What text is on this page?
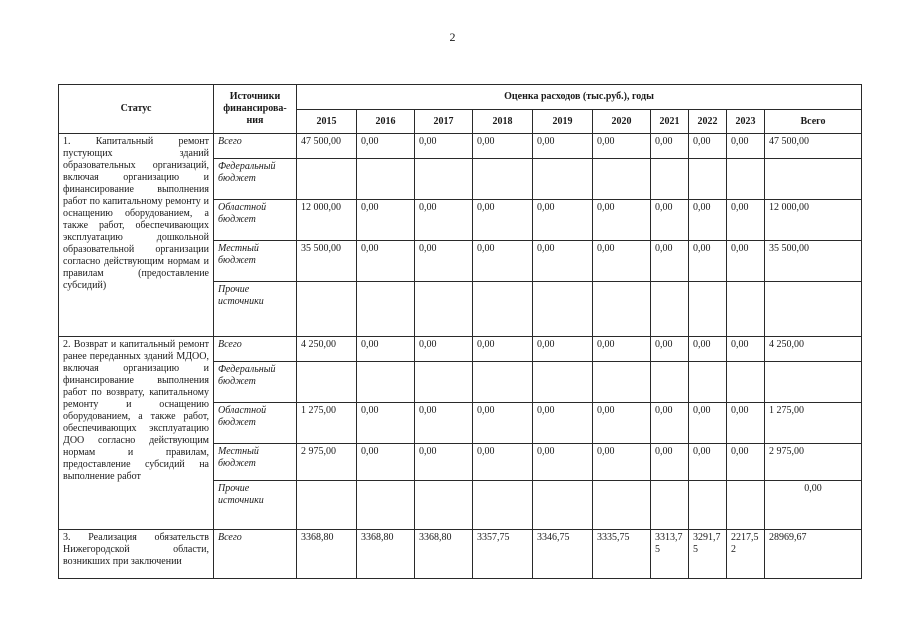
2
Статус	Источники финансирова-ния	Оценка расходов (тыс.руб.), годы									
		2015	2016	2017	2018	2019	2020	2021	2022	2023	Всего
1. Капитальный ремонт пустующих зданий образовательных организаций, включая организацию и финансирование выполнения работ по капитальному ремонту и оснащению оборудованием, а также работ, обеспечивающих эксплуатацию дошкольной образовательной организации согласно действующим нормам и правилам (предоставление субсидий)	Всего	47 500,00	0,00	0,00	0,00	0,00	0,00	0,00	0,00	0,00	47 500,00
	Федеральный бюджет										
	Областной бюджет	12 000,00	0,00	0,00	0,00	0,00	0,00	0,00	0,00	0,00	12 000,00
	Местный бюджет	35 500,00	0,00	0,00	0,00	0,00	0,00	0,00	0,00	0,00	35 500,00
	Прочие источники										
2. Возврат и капитальный ремонт ранее переданных зданий МДОО, включая организацию и финансирование выполнения работ по возврату, капитальному ремонту и оснащению оборудованием, а также работ, обеспечивающих эксплуатацию ДОО согласно действующим нормам и правилам, предоставление субсидий на выполнение работ	Всего	4 250,00	0,00	0,00	0,00	0,00	0,00	0,00	0,00	0,00	4 250,00
	Федеральный бюджет										
	Областной бюджет	1 275,00	0,00	0,00	0,00	0,00	0,00	0,00	0,00	0,00	1 275,00
	Местный бюджет	2 975,00	0,00	0,00	0,00	0,00	0,00	0,00	0,00	0,00	2 975,00
	Прочие источники										0,00
3. Реализация обязательств Нижегородской области, возникших при заключении	Всего	3368,80	3368,80	3368,80	3357,75	3346,75	3335,75	3313,75	3291,75	2217,52	28969,67
